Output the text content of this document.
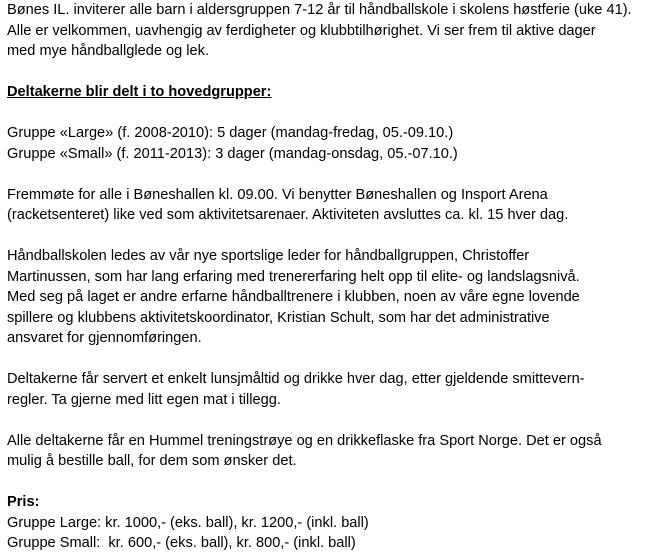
Bønes IL. inviterer alle barn i aldersgruppen 7-12 år til håndballskole i skolens høstferie (uke 41).
Alle er velkommen, uavhengig av ferdigheter og klubbtilhørighet. Vi ser frem til aktive dager
med mye håndballglede og lek.
Deltakerne blir delt i to hovedgrupper:
Gruppe «Large» (f. 2008-2010): 5 dager (mandag-fredag, 05.-09.10.)
Gruppe «Small» (f. 2011-2013): 3 dager (mandag-onsdag, 05.-07.10.)
Fremmøte for alle i Bøneshallen kl. 09.00. Vi benytter Bøneshallen og Insport Arena
(racketsenteret) like ved som aktivitetsarenaer. Aktiviteten avsluttes ca. kl. 15 hver dag.
Håndballskolen ledes av vår nye sportslige leder for håndballgruppen, Christoffer
Martinussen, som har lang erfaring med trenererfaring helt opp til elite- og landslagsnivå.
Med seg på laget er andre erfarne håndballtrenere i klubben, noen av våre egne lovende
spillere og klubbens aktivitetskoordinator, Kristian Schult, som har det administrative
ansvaret for gjennomføringen.
Deltakerne får servert et enkelt lunsjmåltid og drikke hver dag, etter gjeldende smittevern-
regler. Ta gjerne med litt egen mat i tillegg.
Alle deltakerne får en Hummel treningstrøye og en drikkeflaske fra Sport Norge. Det er også
mulig å bestille ball, for dem som ønsker det.
Pris:
Gruppe Large: kr. 1000,- (eks. ball), kr. 1200,- (inkl. ball)
Gruppe Small:  kr. 600,- (eks. ball), kr. 800,- (inkl. ball)
